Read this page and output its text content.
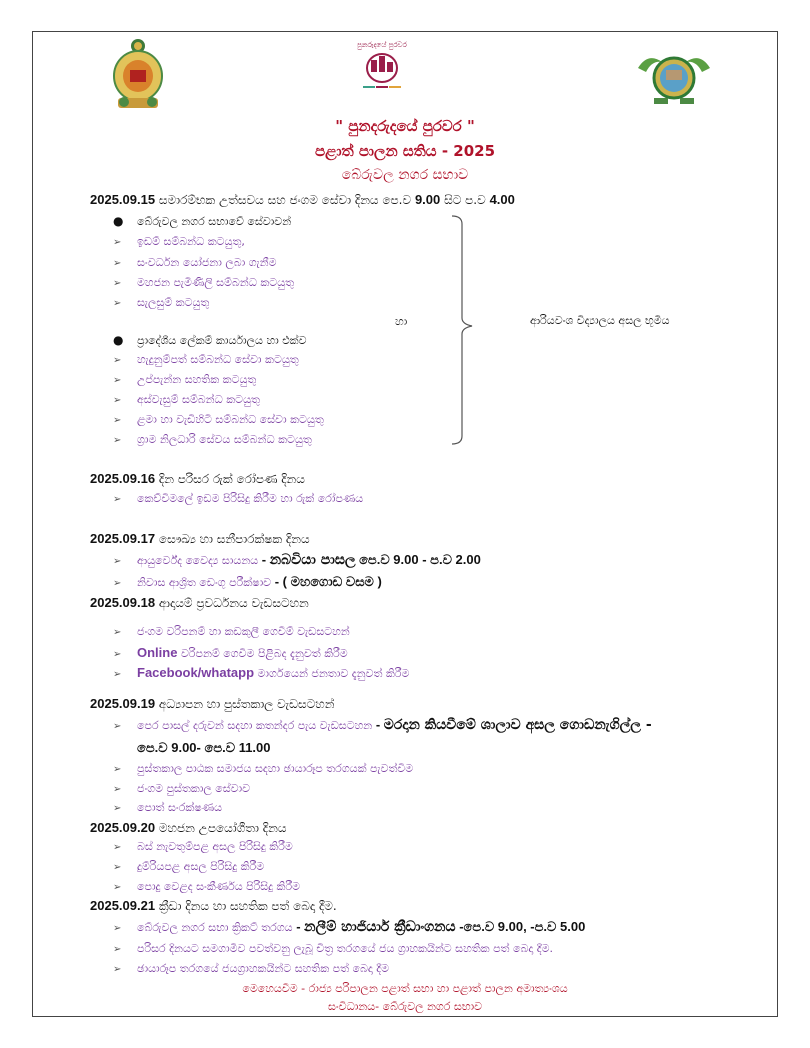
පුනරුදයේ පුරවර
" පුනදරුදයේ පුරවර "
පළාත් පාලන සතිය - 2025
බේරුවල නගර සභාව
2025.09.15 සමාරම්භක උත්සවය සහ ජංගම සේවා දිනය පෙ.ව 9.00 සිට ප.ව 4.00
● බේරුවල නගර සභාවේ සේවාවන්
➢ ඉඩම් සම්බන්ධ කටයුතු,
➢ සංවර්ධන යෝජනා ලබා ගැනීම
➢ මහජන පැමිණිලි සම්බන්ධ කටයුතු
➢ සැලසුම් කටයුතු
● ප්‍රාදේශීය ලේකම් කාර්යාලය හා එක්ව
➢ හැදුනුම්පත් සම්බන්ධ සේවා කටයුතු
➢ උප්පැන්න සහතික කටයුතු
➢ අස්වැසුම් සම්බන්ධ කටයුතු
➢ ළමා හා වැඩිහිටි සම්බන්ධ සේවා කටයුතු
➢ ග්‍රාම නිලධාරි සේවය සම්බන්ධ කටයුතු
හා	ආරියවංශ විද්‍යාලය අසල භූමිය
2025.09.16 දින පරිසර රුක් රෝපණ දිනය
➢ කෙව්විමලේ ඉඩම පිරිසිදු කිරීම හා රුක් රෝපණය
2025.09.17 සෞඛ්‍ය හා සනීපාරක්ෂක දිනය
➢ ආයුර්වේද වෛද්‍ය සායනය - නබවියා පාසල පෙ.ව 9.00 - ප.ව 2.00
➢ නිවාස ආශ්‍රිත ඩෙංගු පරීක්ෂාව - ( මහගොඩ වසම )
2025.09.18 ආදායම් ප්‍රවර්ධනය වැඩසටහන
➢ ජංගම වරිපනම් හා කඩකුලී ගෙවීම් වැඩසටහන්
➢ Online වරිපනම් ගෙවීම පිළිබද දැනුවත් කිරීම
➢ Facebook/whatapp මාර්ගයෙන් ජනතාව දැනුවත් කිරීම
2025.09.19 අධ්‍යාපන හා පුස්තකාල වැඩසටහන්
➢ පෙර පාසල් දරුවන් සදහා කතන්දර පැය වැඩසටහන - මරදාන කියවීමේ ශාලාව අසල ගොඩනැගිල්ල -
පෙ.ව 9.00- පෙ.ව 11.00
➢ පුස්තකාල පාඨක සමාජය සදහා ඡායාරූප තරගයක් පැවත්වීම
➢ ජංගම පුස්තකාල සේවාව
➢ පොත් සංරක්ෂණය
2025.09.20 මහජන උපයෝගීතා දිනය
➢ බස් නැවතුම්පළ අසල පිරිසිදු කිරීම
➢ දුම්රියපළ අසල පිරිසිදු කිරීම
➢ පොදු වෙළද සංකීර්ණය පිරිසිදු කිරීම
2025.09.21 ක්‍රීඩා දිනය හා සහතික පත් බෙදා දීම.
➢ බේරුවල නගර සභා ක්‍රිකට් තරගය - නලීම් හාජියාර් ක්‍රීඩාංගනය -පෙ.ව 9.00, -ප.ව 5.00
➢ පරිසර දිනයට සමගාමීව පවත්වනු ලැබූ චිත්‍ර තරගයේ ජය ග්‍රාහකයින්ට සහතික පත් බෙදා දීම.
➢ ඡායාරූප තරගයේ ජයග්‍රාහකයින්ට සහතික පත් බෙදා දීම
මෙහෙයවීම - රාජ්‍ය පරිපාලන පළාත් සභා හා පළාත් පාලන අමාත්‍යංශය
සංවිධානය- බේරුවල නගර සභාව
